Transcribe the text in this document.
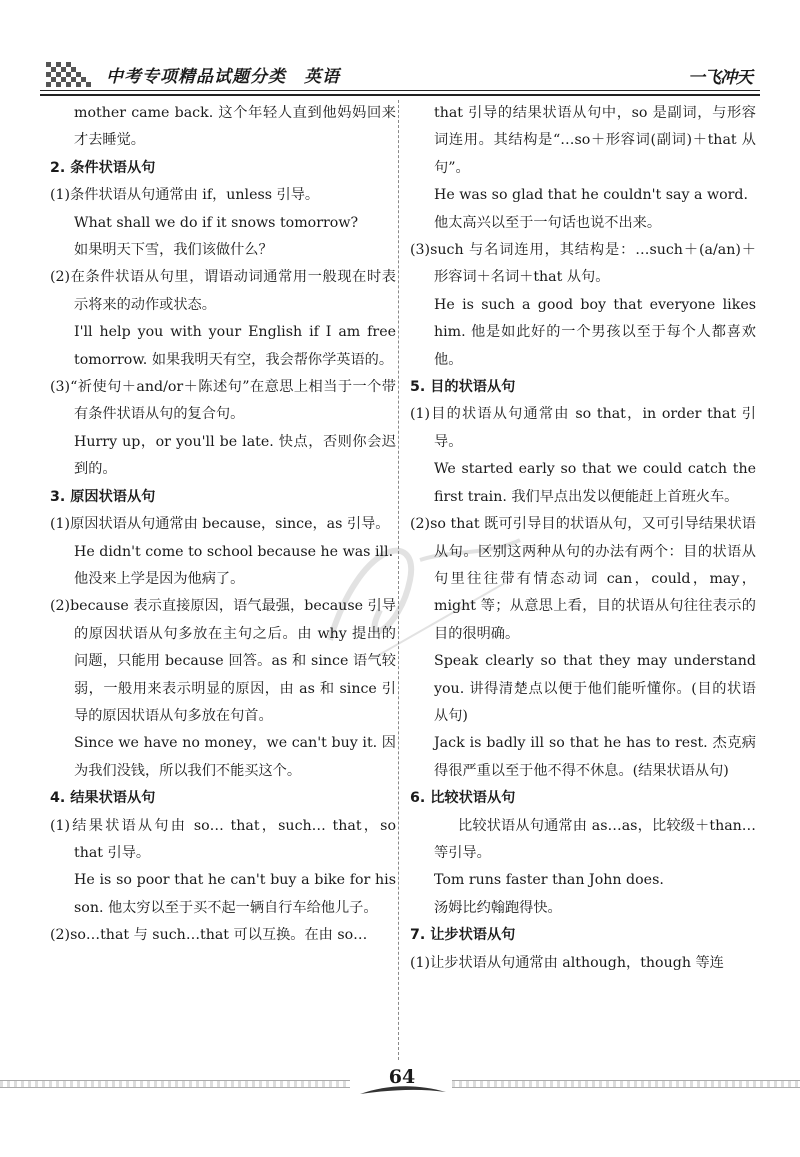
中考专项精品试题分类 英语	一飞冲天

mother came back. 这个年轻人直到他妈妈回来才去睡觉。

2. 条件状语从句

(1)条件状语从句通常由 if，unless 引导。

What shall we do if it snows tomorrow?

如果明天下雪，我们该做什么？

(2)在条件状语从句里，谓语动词通常用一般现在时表示将来的动作或状态。

I'll help you with your English if I am free tomorrow. 如果我明天有空，我会帮你学英语的。

(3)“祈使句＋and/or＋陈述句”在意思上相当于一个带有条件状语从句的复合句。

Hurry up，or you'll be late. 快点，否则你会迟到的。

3. 原因状语从句

(1)原因状语从句通常由 because，since，as 引导。

He didn't come to school because he was ill.

他没来上学是因为他病了。

(2)because 表示直接原因，语气最强，because 引导的原因状语从句多放在主句之后。由 why 提出的问题，只能用 because 回答。as 和 since 语气较弱，一般用来表示明显的原因，由 as 和 since 引导的原因状语从句多放在句首。

Since we have no money，we can't buy it. 因为我们没钱，所以我们不能买这个。

4. 结果状语从句

(1)结果状语从句由 so… that，such… that，so that 引导。

He is so poor that he can't buy a bike for his son. 他太穷以至于买不起一辆自行车给他儿子。

(2)so…that 与 such…that 可以互换。在由 so…

that 引导的结果状语从句中，so 是副词，与形容词连用。其结构是“…so＋形容词(副词)＋that 从句”。

He was so glad that he couldn't say a word.

他太高兴以至于一句话也说不出来。

(3)such 与名词连用，其结构是：…such＋(a/an)＋形容词＋名词＋that 从句。

He is such a good boy that everyone likes him. 他是如此好的一个男孩以至于每个人都喜欢他。

5. 目的状语从句

(1)目的状语从句通常由 so that，in order that 引导。

We started early so that we could catch the first train. 我们早点出发以便能赶上首班火车。

(2)so that 既可引导目的状语从句，又可引导结果状语从句。区别这两种从句的办法有两个：目的状语从句里往往带有情态动词 can，could，may，might 等；从意思上看，目的状语从句往往表示的目的很明确。

Speak clearly so that they may understand you. 讲得清楚点以便于他们能听懂你。(目的状语从句)

Jack is badly ill so that he has to rest. 杰克病得很严重以至于他不得不休息。(结果状语从句)

6. 比较状语从句

比较状语从句通常由 as…as，比较级＋than…等引导。

Tom runs faster than John does.

汤姆比约翰跑得快。

7. 让步状语从句

(1)让步状语从句通常由 although，though 等连

64
